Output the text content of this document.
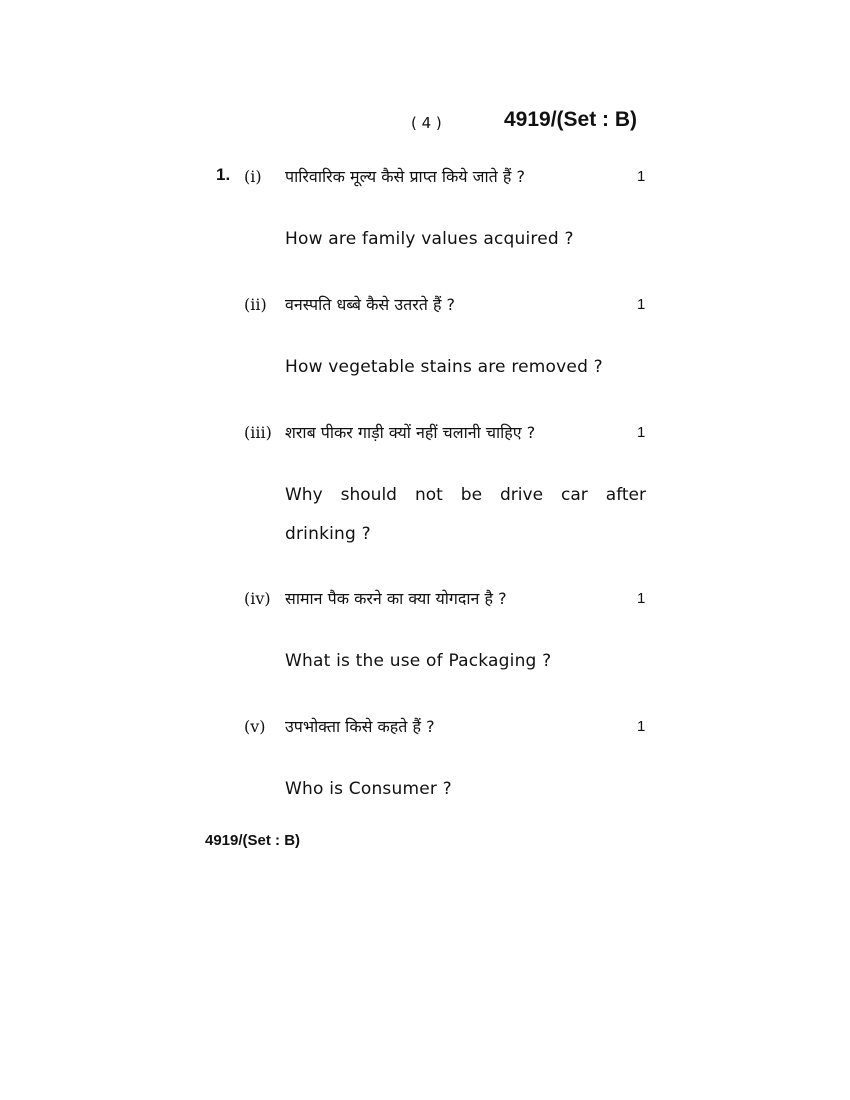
( 4 )	4919/(Set : B)
1. (i) पारिवारिक मूल्य कैसे प्राप्त किये जाते हैं ?	1
How are family values acquired ?
(ii) वनस्पति धब्बे कैसे उतरते हैं ?	1
How vegetable stains are removed ?
(iii) शराब पीकर गाड़ी क्यों नहीं चलानी चाहिए ?	1
Why should not be drive car after
drinking ?
(iv) सामान पैक करने का क्या योगदान है ?	1
What is the use of Packaging ?
(v) उपभोक्ता किसे कहते हैं ?	1
Who is Consumer ?
4919/(Set : B)
